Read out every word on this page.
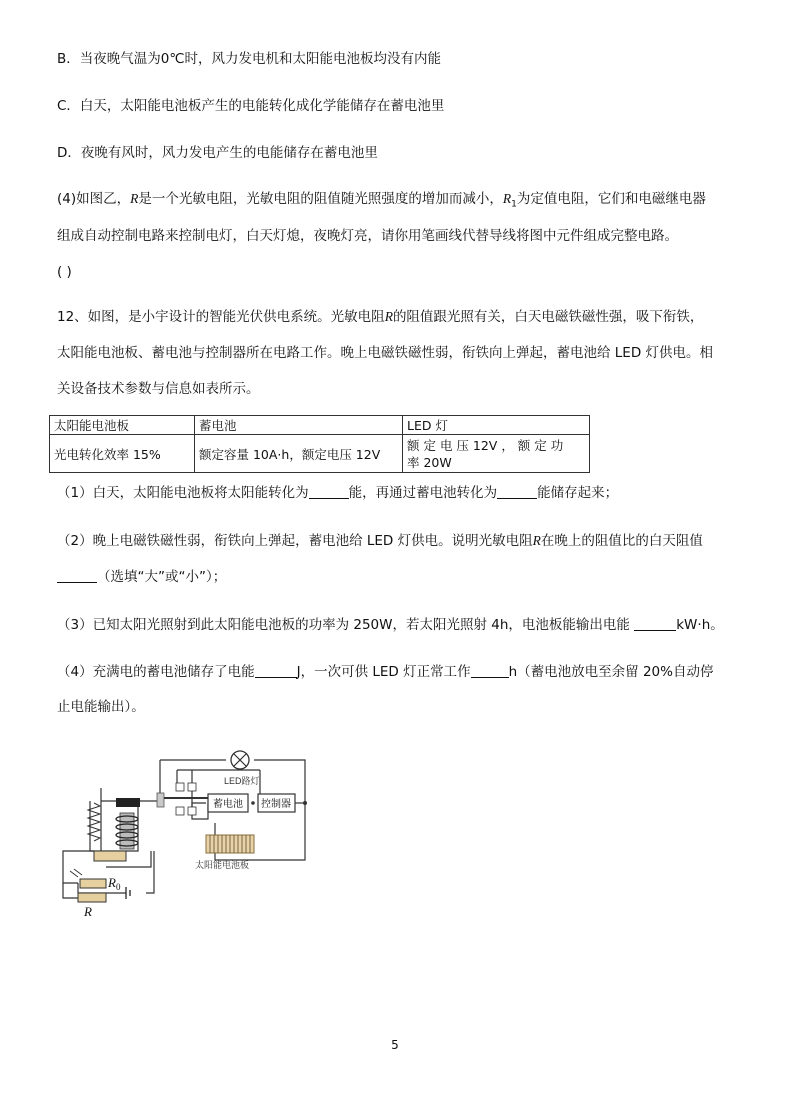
B．当夜晚气温为0℃时，风力发电机和太阳能电池板均没有内能
C．白天，太阳能电池板产生的电能转化成化学能储存在蓄电池里
D．夜晚有风时，风力发电产生的电能储存在蓄电池里
(4)如图乙，R是一个光敏电阻，光敏电阻的阻值随光照强度的增加而减小，$R_1$为定值电阻，它们和电磁继电器
组成自动控制电路来控制电灯，白天灯熄，夜晚灯亮，请你用笔画线代替导线将图中元件组成完整电路。
( )
12、如图，是小宇设计的智能光伏供电系统。光敏电阻R的阻值跟光照有关，白天电磁铁磁性强，吸下衔铁，
太阳能电池板、蓄电池与控制器所在电路工作。晚上电磁铁磁性弱，衔铁向上弹起，蓄电池给 LED 灯供电。相
关设备技术参数与信息如表所示。
太阳能电池板	蓄电池	LED 灯
光电转化效率 15%	额定容量 10A·h，额定电压 12V	额 定 电 压 12V ， 额 定 功
率 20W
（1）白天，太阳能电池板将太阳能转化为	能，再通过蓄电池转化为	能储存起来；
（2）晚上电磁铁磁性弱，衔铁向上弹起，蓄电池给 LED 灯供电。说明光敏电阻R在晚上的阻值比的白天阻值
（选填“大”或“小”）；
（3）已知太阳光照射到此太阳能电池板的功率为 250W，若太阳光照射 4h，电池板能输出电能	kW·h。
（4）充满电的蓄电池储存了电能	J，一次可供 LED 灯正常工作	h（蓄电池放电至余留 20%自动停
止电能输出）。
LED路灯
蓄电池 控制器
太阳能电池板
$R_0$
R
5
